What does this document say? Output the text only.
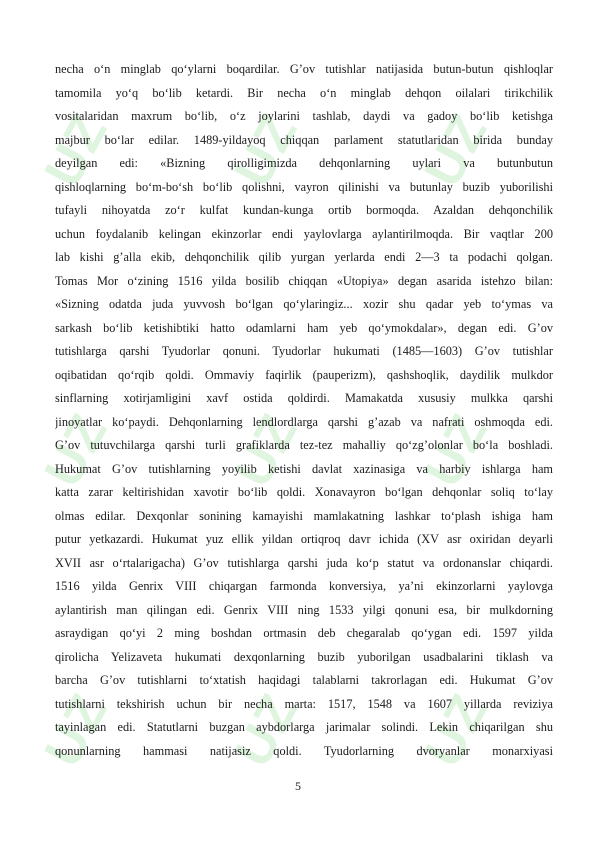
UZ UZ UZ
UZ UZ UZ
UZ UZ UZ
necha o‘n minglab qo‘ylarni boqardilar. G’ov tutishlar natijasida butun-butun qishloqlar
tamomila yo‘q bo‘lib ketardi. Bir necha o‘n minglab dehqon oilalari tirikchilik
vositalaridan maxrum bo‘lib, o‘z joylarini tashlab, daydi va gadoy bo‘lib ketishga
majbur bo‘lar edilar. 1489-yildayoq chiqqan parlament statutlaridan birida bunday
deyilgan edi: «Bizning qirolligimizda dehqonlarning uylari va butunbutun
qishloqlarning bo‘m-bo‘sh bo‘lib qolishni, vayron qilinishi va butunlay buzib yuborilishi
tufayli nihoyatda zo‘r kulfat kundan-kunga ortib bormoqda. Azaldan dehqonchilik
uchun foydalanib kelingan ekinzorlar endi yaylovlarga aylantirilmoqda. Bir vaqtlar 200
lab kishi g’alla ekib, dehqonchilik qilib yurgan yerlarda endi 2—3 ta podachi qolgan.
Tomas Mor o‘zining 1516 yilda bosilib chiqqan «Utopiya» degan asarida istehzo bilan:
«Sizning odatda juda yuvvosh bo‘lgan qo‘ylaringiz... xozir shu qadar yeb to‘ymas va
sarkash bo‘lib ketishibtiki hatto odamlarni ham yeb qo‘ymokdalar», degan edi. G’ov
tutishlarga qarshi Tyudorlar qonuni. Tyudorlar hukumati (1485—1603) G’ov tutishlar
oqibatidan qo‘rqib qoldi. Ommaviy faqirlik (pauperizm), qashshoqlik, daydilik mulkdor
sinflarning xotirjamligini xavf ostida qoldirdi. Mamakatda xususiy mulkka qarshi
jinoyatlar ko‘paydi. Dehqonlarning lendlordlarga qarshi g’azab va nafrati oshmoqda edi.
G’ov tutuvchilarga qarshi turli grafiklarda tez-tez mahalliy qo‘zg’olonlar bo‘la boshladi.
Hukumat G’ov tutishlarning yoyilib ketishi davlat xazinasiga va harbiy ishlarga ham
katta zarar keltirishidan xavotir bo‘lib qoldi. Xonavayron bo‘lgan dehqonlar soliq to‘lay
olmas edilar. Dexqonlar sonining kamayishi mamlakatning lashkar to‘plash ishiga ham
putur yetkazardi. Hukumat yuz ellik yildan ortiqroq davr ichida (XV asr oxiridan deyarli
XVII asr o‘rtalarigacha) G’ov tutishlarga qarshi juda ko‘p statut va ordonanslar chiqardi.
1516 yilda Genrix VIII chiqargan farmonda konversiya, ya’ni ekinzorlarni yaylovga
aylantirish man qilingan edi. Genrix VIII ning 1533 yilgi qonuni esa, bir mulkdorning
asraydigan qo‘yi 2 ming boshdan ortmasin deb chegaralab qo‘ygan edi. 1597 yilda
qirolicha Yelizaveta hukumati dexqonlarning buzib yuborilgan usadbalarini tiklash va
barcha G’ov tutishlarni to‘xtatish haqidagi talablarni takrorlagan edi. Hukumat G’ov
tutishlarni tekshirish uchun bir necha marta: 1517, 1548 va 1607 yillarda reviziya
tayinlagan edi. Statutlarni buzgan aybdorlarga jarimalar solindi. Lekin chiqarilgan shu
qonunlarning hammasi natijasiz qoldi. Tyudorlarning dvoryanlar monarxiyasi
5
